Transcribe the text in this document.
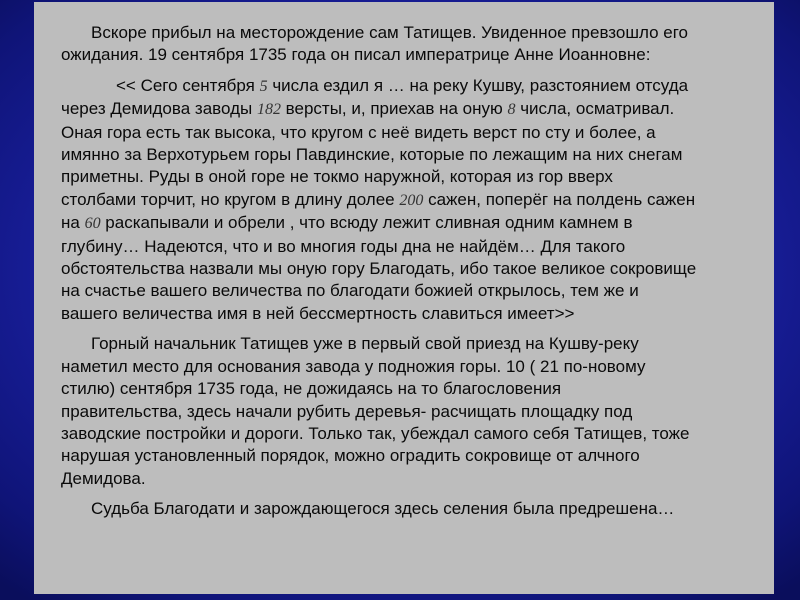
Вскоре прибыл на месторождение сам Татищев. Увиденное превзошло его
ожидания. 19 сентября 1735 года он писал императрице Анне Иоанновне:
<< Сего сентября 5 числа ездил я … на реку Кушву, разстоянием отсуда
через Демидова заводы 182 версты, и, приехав на оную 8 числа, осматривал.
Оная гора есть так высока, что кругом с неё видеть верст по сту и более, а
имянно за Верхотурьем горы Павдинские, которые по лежащим на них снегам
приметны. Руды в оной горе не токмо наружной, которая из гор вверх
столбами торчит, но кругом в длину долее 200 сажен, поперёг на полдень сажен
на 60 раскапывали и обрели , что всюду лежит сливная одним камнем в
глубину… Надеются, что и во многия годы дна не найдём… Для такого
обстоятельства назвали мы оную гору Благодать, ибо такое великое сокровище
на счастье вашего величества по благодати божией открылось, тем же и
вашего величества имя в ней бессмертность славиться имеет>>
Горный начальник Татищев уже в первый свой приезд на Кушву-реку
наметил место для основания завода у подножия горы. 10 ( 21 по-новому
стилю) сентября 1735 года, не дожидаясь на то благословения
правительства, здесь начали рубить деревья- расчищать площадку под
заводские постройки и дороги. Только так, убеждал самого себя Татищев, тоже
нарушая установленный порядок, можно оградить сокровище от алчного
Демидова.
Судьба Благодати и зарождающегося здесь селения была предрешена…
